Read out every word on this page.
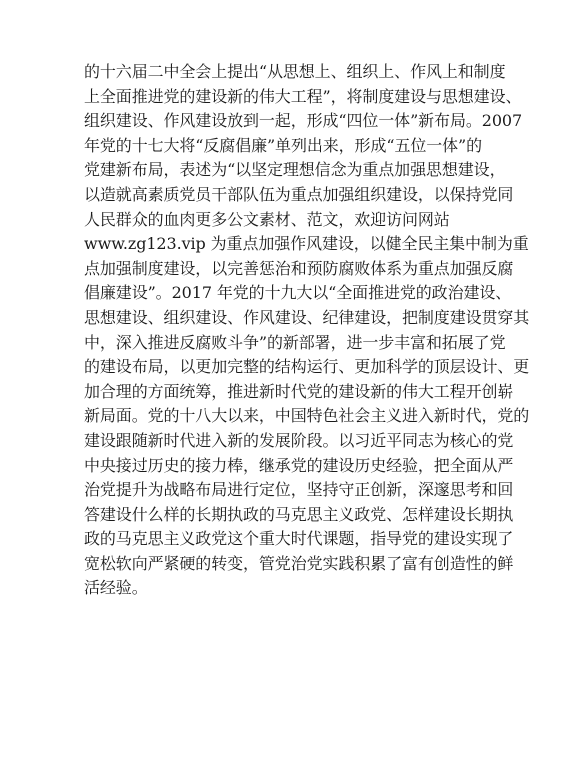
的十六届二中全会上提出“从思想上、组织上、作风上和制度
上全面推进党的建设新的伟大工程”，将制度建设与思想建设、
组织建设、作风建设放到一起，形成“四位一体”新布局。2007
年党的十七大将“反腐倡廉”单列出来，形成“五位一体”的
党建新布局，表述为“以坚定理想信念为重点加强思想建设，
以造就高素质党员干部队伍为重点加强组织建设，以保持党同
人民群众的血肉更多公文素材、范文，欢迎访问网站
www.zg123.vip 为重点加强作风建设，以健全民主集中制为重
点加强制度建设，以完善惩治和预防腐败体系为重点加强反腐
倡廉建设”。2017 年党的十九大以“全面推进党的政治建设、
思想建设、组织建设、作风建设、纪律建设，把制度建设贯穿其
中，深入推进反腐败斗争”的新部署，进一步丰富和拓展了党
的建设布局，以更加完整的结构运行、更加科学的顶层设计、更
加合理的方面统筹，推进新时代党的建设新的伟大工程开创崭
新局面。党的十八大以来，中国特色社会主义进入新时代，党的
建设跟随新时代进入新的发展阶段。以习近平同志为核心的党
中央接过历史的接力棒，继承党的建设历史经验，把全面从严
治党提升为战略布局进行定位，坚持守正创新，深邃思考和回
答建设什么样的长期执政的马克思主义政党、怎样建设长期执
政的马克思主义政党这个重大时代课题，指导党的建设实现了
宽松软向严紧硬的转变，管党治党实践积累了富有创造性的鲜
活经验。
